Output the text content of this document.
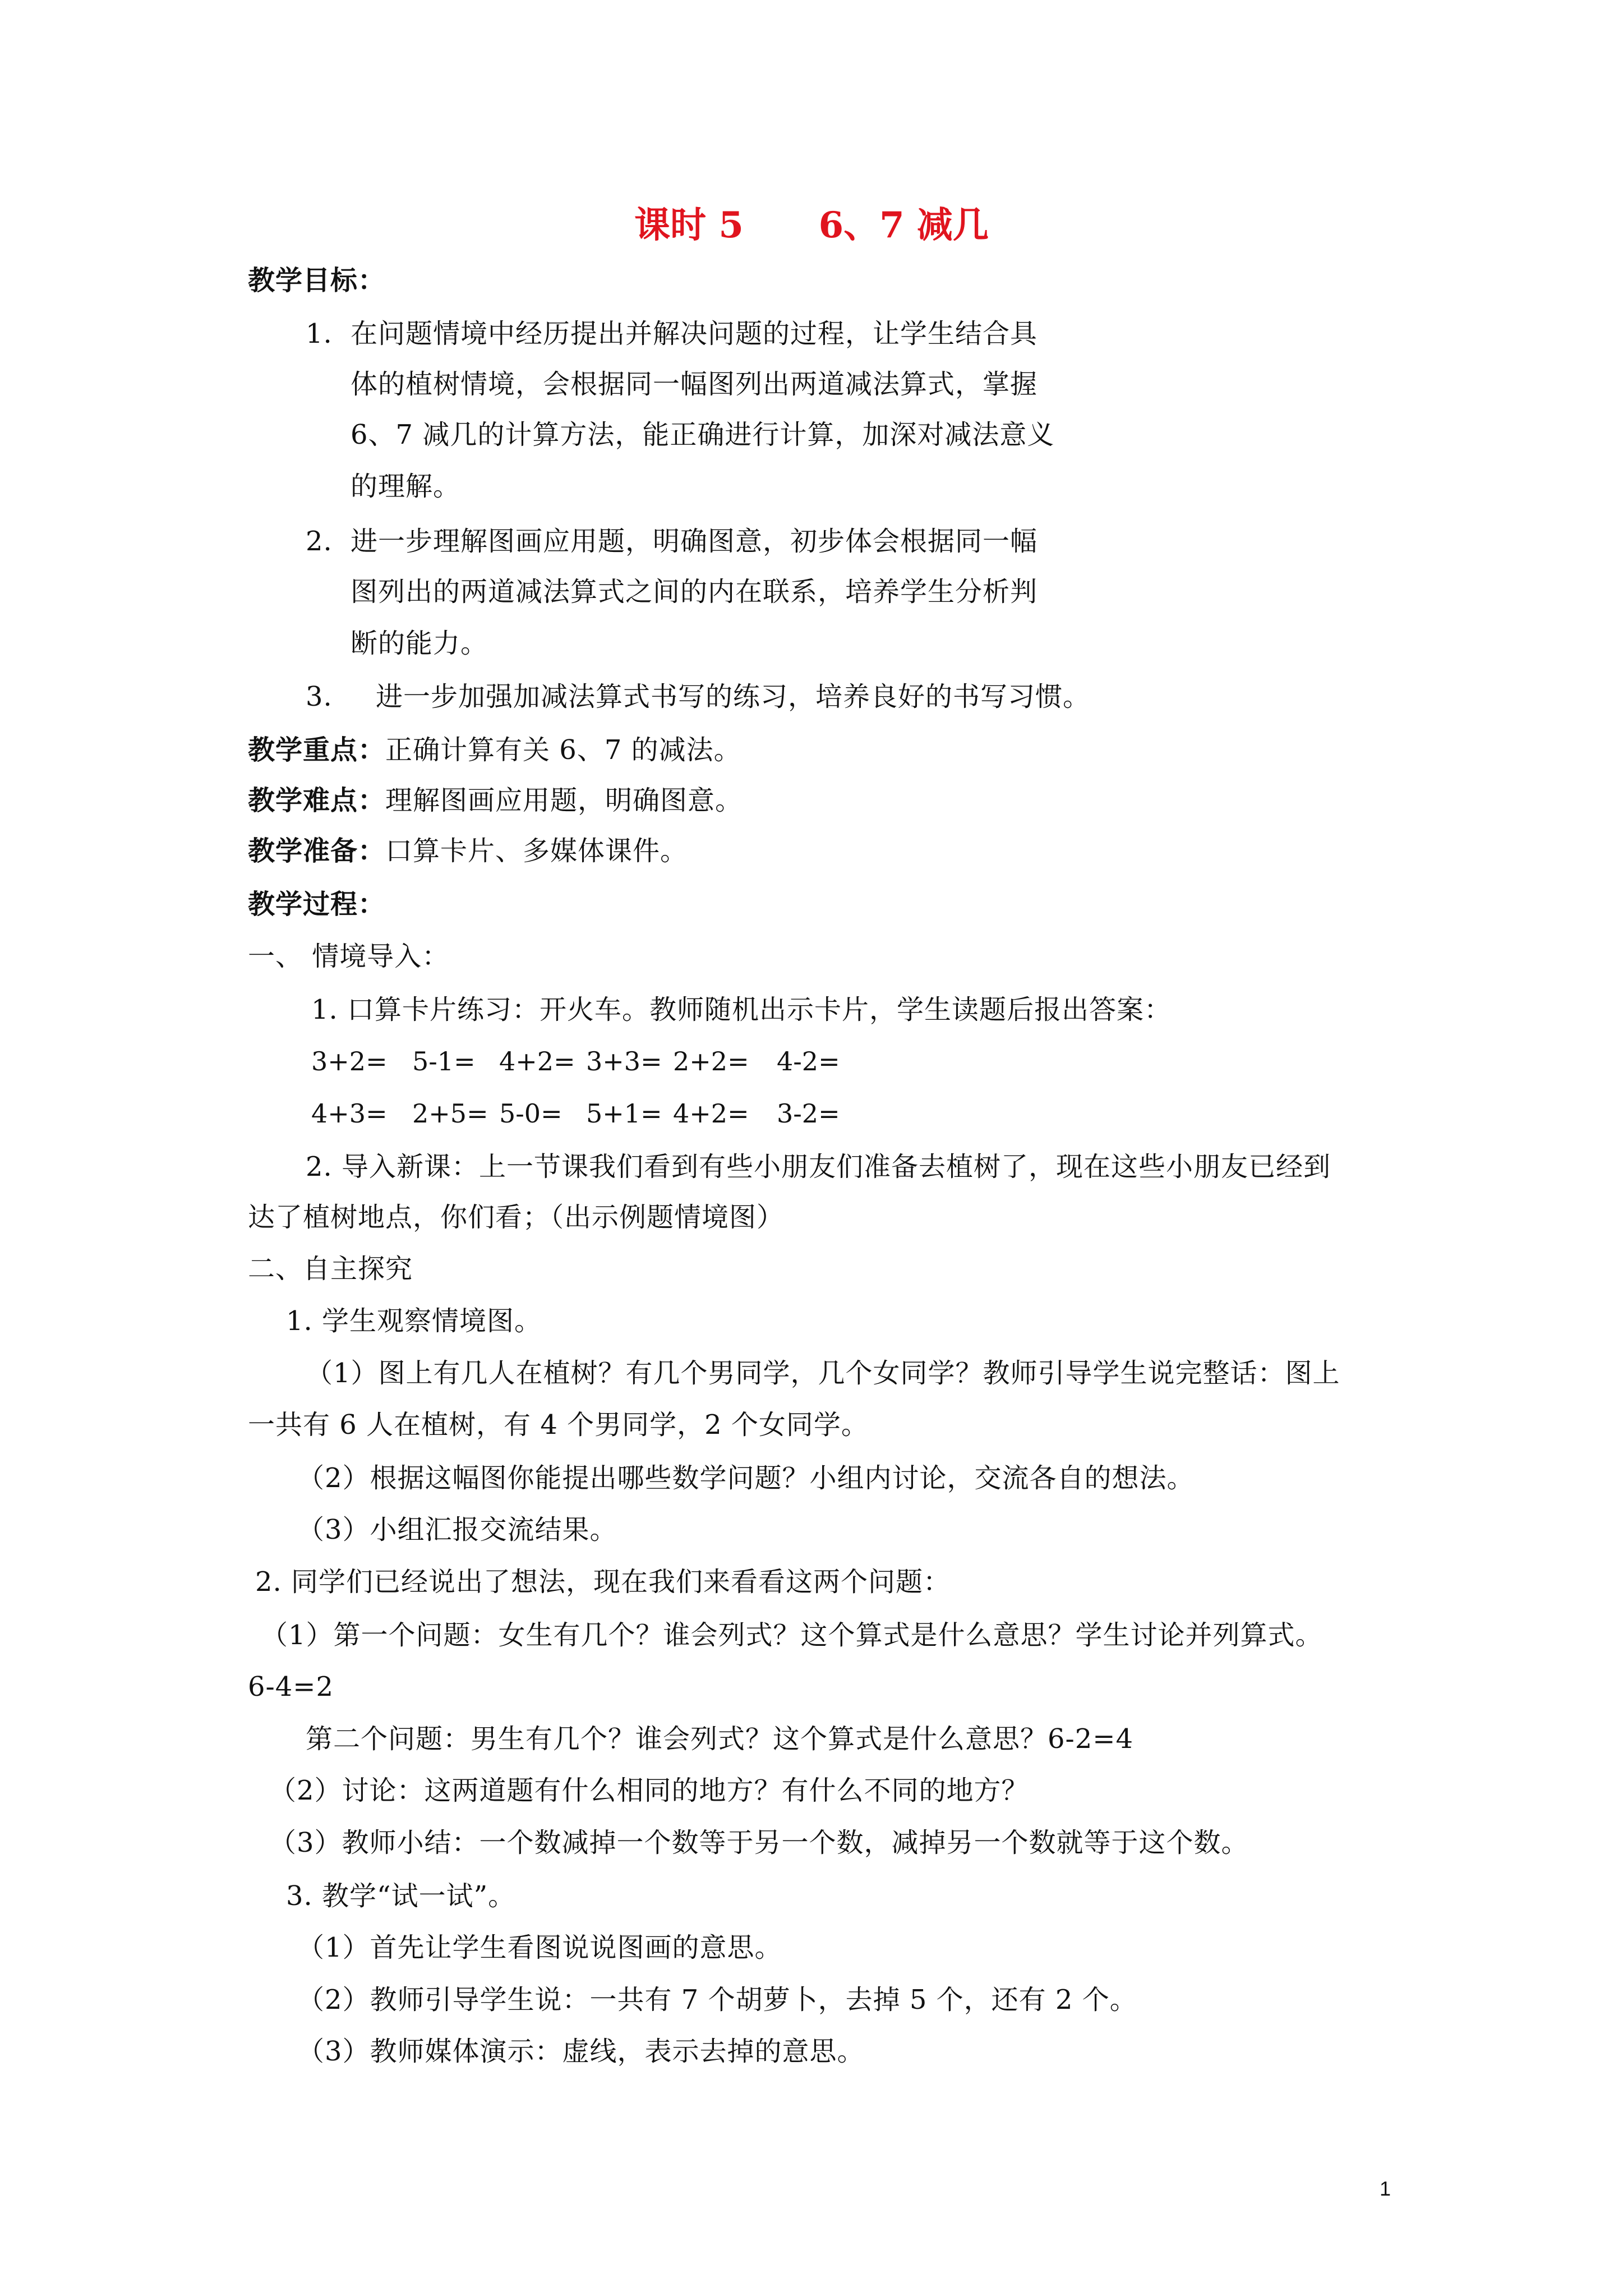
课时 5      6、7 减几
教学目标：
1. 在问题情境中经历提出并解决问题的过程，让学生结合具
体的植树情境，会根据同一幅图列出两道减法算式，掌握
6、7 减几的计算方法，能正确进行计算，加深对减法意义
的理解。
2. 进一步理解图画应用题，明确图意，初步体会根据同一幅
图列出的两道减法算式之间的内在联系，培养学生分析判
断的能力。
3. 进一步加强加减法算式书写的练习，培养良好的书写习惯。
教学重点：正确计算有关 6、7 的减法。
教学难点：理解图画应用题，明确图意。
教学准备：口算卡片、多媒体课件。
教学过程：
一、 情境导入：
1. 口算卡片练习：开火车。教师随机出示卡片，学生读题后报出答案：
3+2= 5-1= 4+2= 3+3= 2+2= 4-2=
4+3= 2+5= 5-0= 5+1= 4+2= 3-2=
2. 导入新课：上一节课我们看到有些小朋友们准备去植树了，现在这些小朋友已经到
达了植树地点，你们看；（出示例题情境图）
二、自主探究
1. 学生观察情境图。
（1）图上有几人在植树？有几个男同学，几个女同学？教师引导学生说完整话：图上
一共有 6 人在植树，有 4 个男同学，2 个女同学。
（2）根据这幅图你能提出哪些数学问题？小组内讨论，交流各自的想法。
（3）小组汇报交流结果。
2. 同学们已经说出了想法，现在我们来看看这两个问题：
（1）第一个问题：女生有几个？谁会列式？这个算式是什么意思？学生讨论并列算式。
6-4=2
第二个问题：男生有几个？谁会列式？这个算式是什么意思？6-2=4
（2）讨论：这两道题有什么相同的地方？有什么不同的地方？
（3）教师小结：一个数减掉一个数等于另一个数，减掉另一个数就等于这个数。
3. 教学“试一试”。
（1）首先让学生看图说说图画的意思。
（2）教师引导学生说：一共有 7 个胡萝卜，去掉 5 个，还有 2 个。
（3）教师媒体演示：虚线，表示去掉的意思。
1
